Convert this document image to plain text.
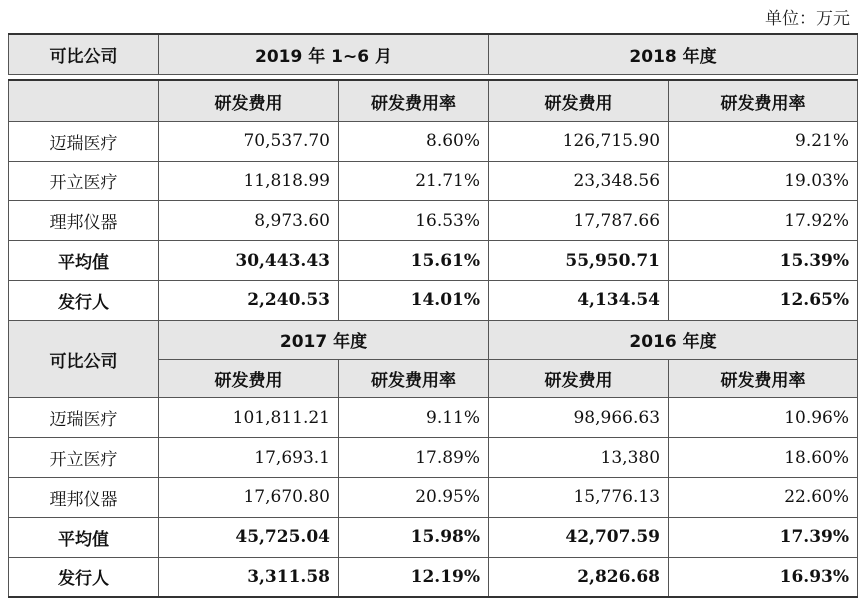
单位：万元
可比公司	2019 年 1~6 月		2018 年度	

	研发费用	研发费用率	研发费用	研发费用率
迈瑞医疗	70,537.70	8.60%	126,715.90	9.21%
开立医疗	11,818.99	21.71%	23,348.56	19.03%
理邦仪器	8,973.60	16.53%	17,787.66	17.92%
平均值	30,443.43	15.61%	55,950.71	15.39%
发行人	2,240.53	14.01%	4,134.54	12.65%
可比公司	2017 年度		2016 年度	
	研发费用	研发费用率	研发费用	研发费用率
迈瑞医疗	101,811.21	9.11%	98,966.63	10.96%
开立医疗	17,693.1	17.89%	13,380	18.60%
理邦仪器	17,670.80	20.95%	15,776.13	22.60%
平均值	45,725.04	15.98%	42,707.59	17.39%
发行人	3,311.58	12.19%	2,826.68	16.93%
